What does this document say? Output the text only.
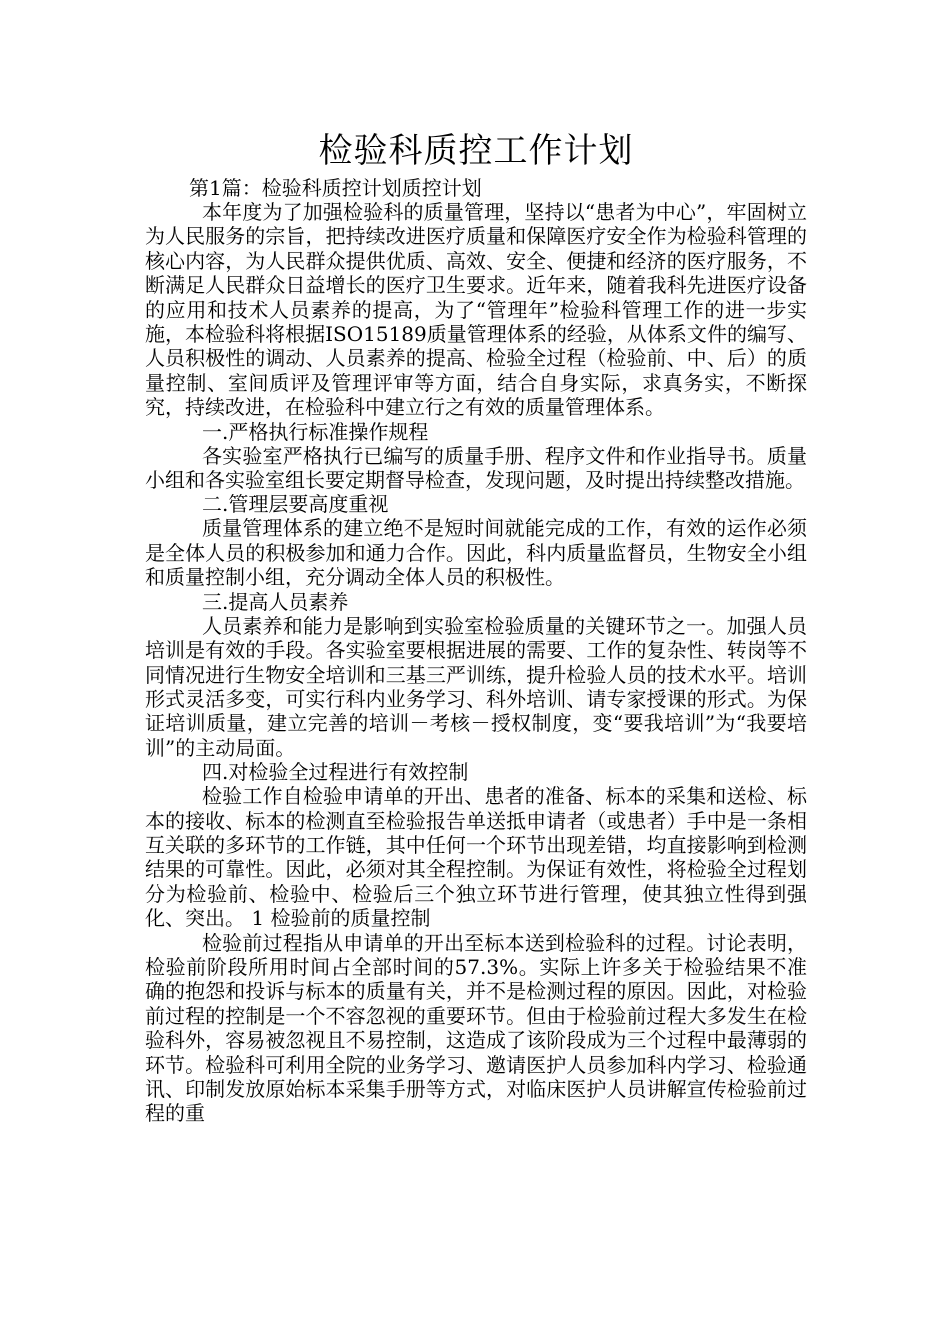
检验科质控工作计划

第1篇：检验科质控计划质控计划

本年度为了加强检验科的质量管理，坚持以“患者为中心”，牢固树立为人民服务的宗旨，把持续改进医疗质量和保障医疗安全作为检验科管理的核心内容，为人民群众提供优质、高效、安全、便捷和经济的医疗服务，不断满足人民群众日益增长的医疗卫生要求。近年来，随着我科先进医疗设备的应用和技术人员素养的提高，为了“管理年”检验科管理工作的进一步实施，本检验科将根据ISO15189质量管理体系的经验，从体系文件的编写、人员积极性的调动、人员素养的提高、检验全过程（检验前、中、后）的质量控制、室间质评及管理评审等方面，结合自身实际，求真务实，不断探究，持续改进，在检验科中建立行之有效的质量管理体系。

一.严格执行标准操作规程

各实验室严格执行已编写的质量手册、程序文件和作业指导书。质量小组和各实验室组长要定期督导检查，发现问题，及时提出持续整改措施。

二.管理层要高度重视

质量管理体系的建立绝不是短时间就能完成的工作，有效的运作必须是全体人员的积极参加和通力合作。因此，科内质量监督员，生物安全小组和质量控制小组，充分调动全体人员的积极性。

三.提高人员素养

人员素养和能力是影响到实验室检验质量的关键环节之一。加强人员培训是有效的手段。各实验室要根据进展的需要、工作的复杂性、转岗等不同情况进行生物安全培训和三基三严训练，提升检验人员的技术水平。培训形式灵活多变，可实行科内业务学习、科外培训、请专家授课的形式。为保证培训质量，建立完善的培训－考核－授权制度，变“要我培训”为“我要培训”的主动局面。

四.对检验全过程进行有效控制

检验工作自检验申请单的开出、患者的准备、标本的采集和送检、标本的接收、标本的检测直至检验报告单送抵申请者（或患者）手中是一条相互关联的多环节的工作链，其中任何一个环节出现差错，均直接影响到检测结果的可靠性。因此，必须对其全程控制。为保证有效性，将检验全过程划分为检验前、检验中、检验后三个独立环节进行管理，使其独立性得到强化、突出。 1 检验前的质量控制

检验前过程指从申请单的开出至标本送到检验科的过程。讨论表明，检验前阶段所用时间占全部时间的57.3%。实际上许多关于检验结果不准确的抱怨和投诉与标本的质量有关，并不是检测过程的原因。因此，对检验前过程的控制是一个不容忽视的重要环节。但由于检验前过程大多发生在检验科外，容易被忽视且不易控制，这造成了该阶段成为三个过程中最薄弱的环节。检验科可利用全院的业务学习、邀请医护人员参加科内学习、检验通讯、印制发放原始标本采集手册等方式，对临床医护人员讲解宣传检验前过程的重
